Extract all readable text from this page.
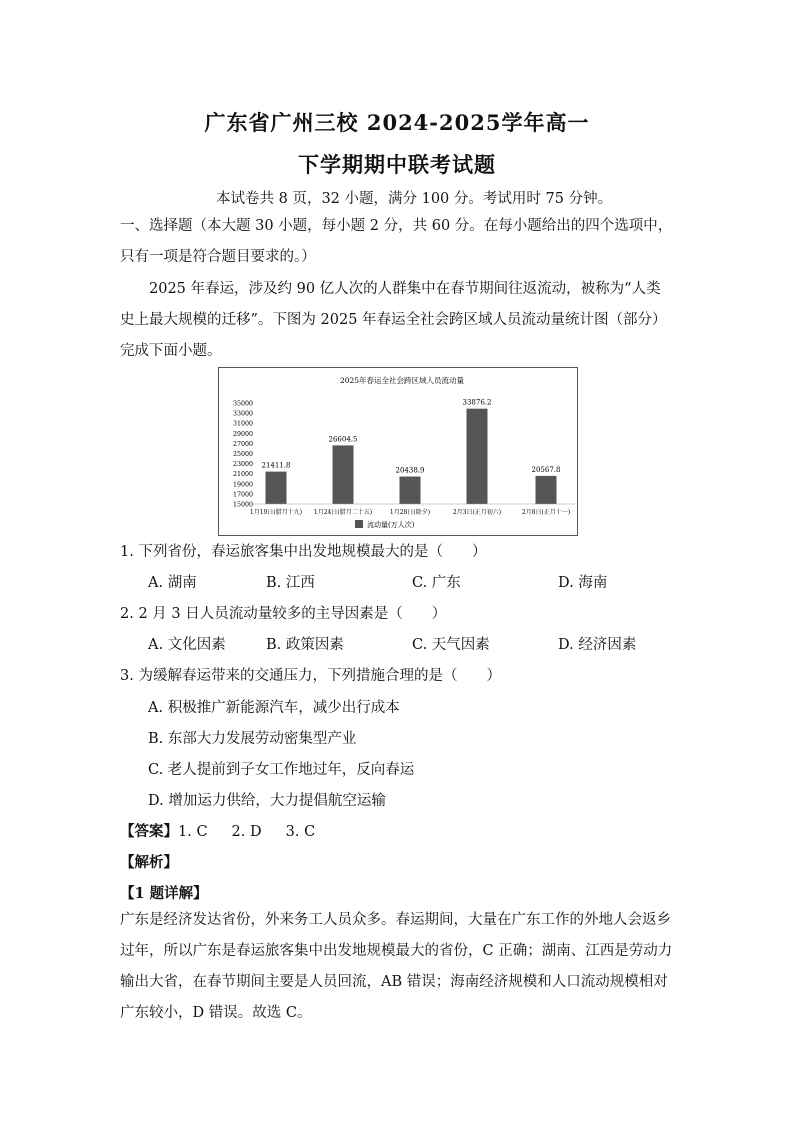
广东省广州三校 2024-2025学年高一
下学期期中联考试题
本试卷共 8 页，32 小题，满分 100 分。考试用时 75 分钟。
一、选择题（本大题 30 小题，每小题 2 分，共 60 分。在每小题给出的四个选项中，只有一项是符合题目要求的。）
2025 年春运，涉及约 90 亿人次的人群集中在春节期间往返流动，被称为“人类史上最大规模的迁移”。下图为 2025 年春运全社会跨区域人员流动量统计图（部分）完成下面小题。
2025年春运全社会跨区域人员流动量
35000
33000
31000
29000
27000
25000
23000
21000
19000
17000
15000
21411.8
26604.5
20438.9
33876.2
20567.8
1月19日(腊月十九) 1月24日(腊月二十五)	1月28日(除夕)	2月3日(正月初六)	2月8日(正月十一)
流动量(万人次)
1. 下列省份，春运旅客集中出发地规模最大的是（　　）
A. 湖南	B. 江西	C. 广东	D. 海南
2. 2 月 3 日人员流动量较多的主导因素是（　　）
A. 文化因素	B. 政策因素	C. 天气因素	D. 经济因素
3. 为缓解春运带来的交通压力，下列措施合理的是（　　）
A. 积极推广新能源汽车，减少出行成本
B. 东部大力发展劳动密集型产业
C. 老人提前到子女工作地过年，反向春运
D. 增加运力供给，大力提倡航空运输
【答案】1. C 2. D 3. C
【解析】
【1 题详解】
广东是经济发达省份，外来务工人员众多。春运期间，大量在广东工作的外地人会返乡过年，所以广东是春运旅客集中出发地规模最大的省份，C 正确；湖南、江西是劳动力输出大省，在春节期间主要是人员回流，AB 错误；海南经济规模和人口流动规模相对广东较小，D 错误。故选 C。
